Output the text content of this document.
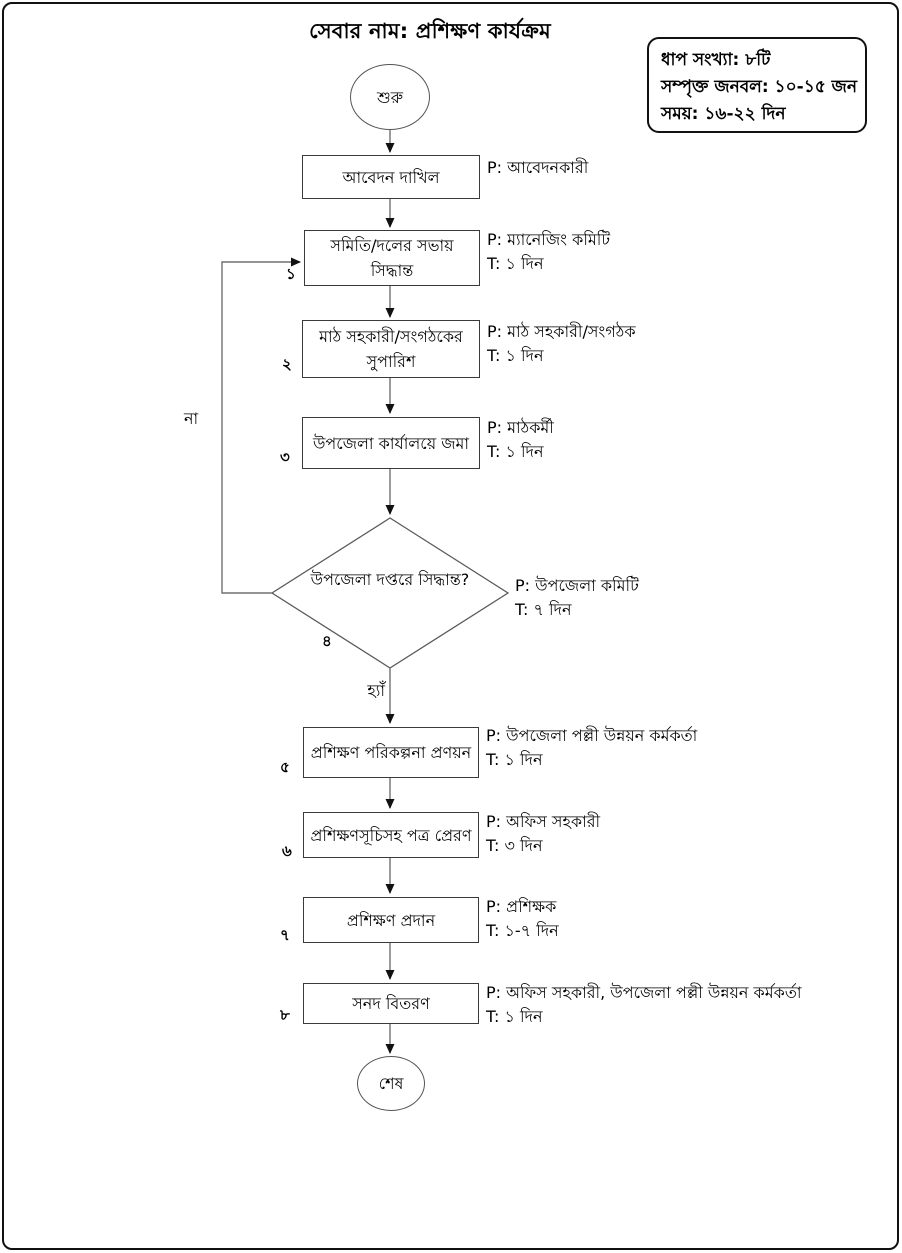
সেবার নাম: প্রশিক্ষণ কার্যক্রম
ধাপ সংখ্যা: ৮টি
সম্পৃক্ত জনবল: ১০-১৫ জন
সময়: ১৬-২২ দিন
শুরু
আবেদন দাখিল	P: আবেদনকারী
সমিতি/দলের সভায় সিদ্ধান্ত
১
P: ম্যানেজিং কমিটি
T: ১ দিন
মাঠ সহকারী/সংগঠকের সুপারিশ
২
P: মাঠ সহকারী/সংগঠক
T: ১ দিন
উপজেলা কার্যালয়ে জমা
৩
P: মাঠকর্মী
T: ১ দিন
উপজেলা দপ্তরে সিদ্ধান্ত?
৪
P: উপজেলা কমিটি
T: ৭ দিন
হ্যাঁ
না
প্রশিক্ষণ পরিকল্পনা প্রণয়ন
৫
P: উপজেলা পল্লী উন্নয়ন কর্মকর্তা
T: ১ দিন
প্রশিক্ষণসূচিসহ পত্র প্রেরণ
৬
P: অফিস সহকারী
T: ৩ দিন
প্রশিক্ষণ প্রদান
৭
P: প্রশিক্ষক
T: ১-৭ দিন
সনদ বিতরণ
৮
P: অফিস সহকারী, উপজেলা পল্লী উন্নয়ন কর্মকর্তা
T: ১ দিন
শেষ
